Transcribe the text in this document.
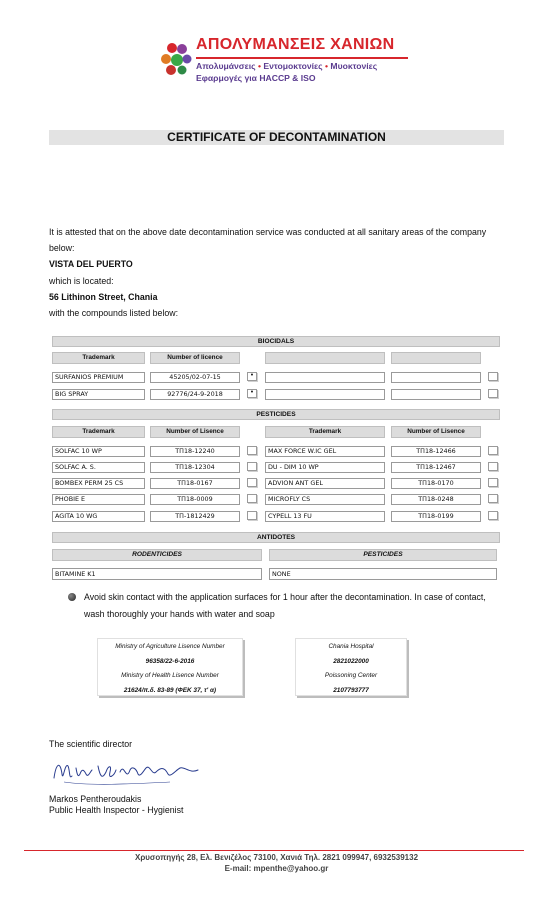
ΑΠΟΛΥΜΑΝΣΕΙΣ ΧΑΝΙΩΝ
Απολυμάνσεις • Εντομοκτονίες • Μυοκτονίες
Εφαρμογές για HACCP & ISO
CERTIFICATE OF DECONTAMINATION
It is attested that on the above date decontamination service was conducted at all sanitary areas of the company below:
VISTA DEL PUERTO
which is located:
56 Lithinon Street, Chania
with the compounds listed below:
BIOCIDALS
Trademark	Number of licence
SURFANIOS PREMIUM	45205/02-07-15	•
BIG SPRAY	92776/24-9-2018	•
PESTICIDES
Trademark	Number of Lisence	Trademark	Number of Lisence
SOLFAC 10 WP	ΤΠ18-12240	MAX FORCE W.IC GEL	ΤΠ18-12466
SOLFAC A. S.	ΤΠ18-12304	DU - DIM 10 WP	ΤΠ18-12467
BOMBEX PERM 25 CS	ΤΠ18-0167	ADVION ANT GEL	ΤΠ18-0170
PHOBIE E	ΤΠ18-0009	MICROFLY CS	ΤΠ18-0248
AGITA 10 WG	ΤΠ-1812429	CYPELL 13 FU	ΤΠ18-0199
ANTIDOTES
RODENTICIDES	PESTICIDES
BITAMINE K1	NONE
Avoid skin contact with the application surfaces for 1 hour after the decontamination. In case of contact, wash thoroughly your hands with water and soap
Ministry of Agriculture Lisence Number
96358/22-6-2016
Ministry of Health Lisence Number
21624/π.δ. 83-89 (ΦΕΚ 37, τ' α)
Chania Hospital
2821022000
Poissoning Center
2107793777
The scientific director
Markos Pentheroudakis
Public Health Inspector - Hygienist
Χρυσοπηγής 28, Ελ. Βενιζέλος 73100, Χανιά Τηλ. 2821 099947, 6932539132
E-mail: mpenthe@yahoo.gr
